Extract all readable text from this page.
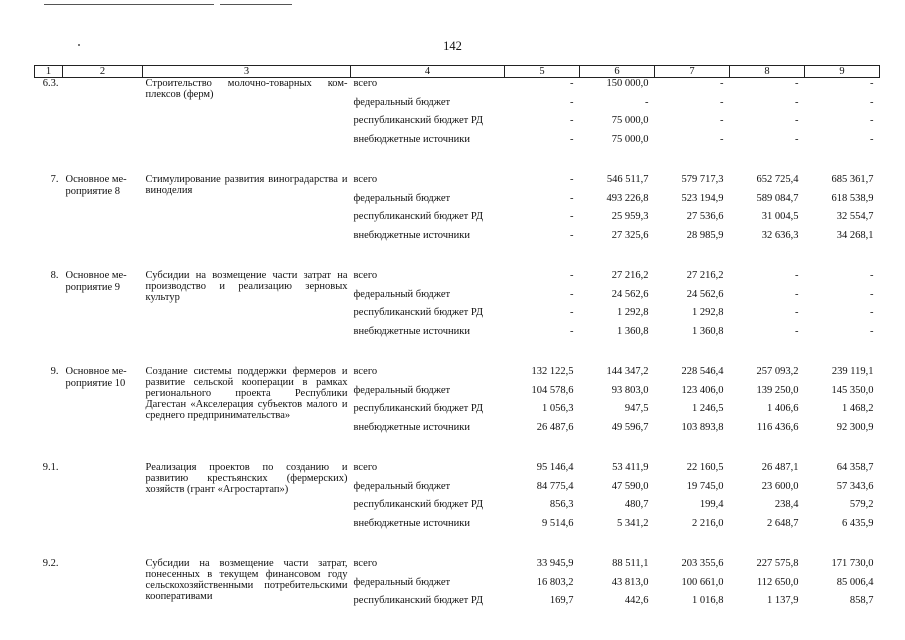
142
1	2	3	4	5	6	7	8	9
6.3.		Строительство молочно-товарных ком-плексов (ферм)	всего	-	150 000,0	-	-	-
			федеральный бюджет	-	-	-	-	-
			республиканский бюджет РД	-	75 000,0	-	-	-
			внебюджетные источники	-	75 000,0	-	-	-

7.	Основное ме-роприятие 8	Стимулирование развития виноградарства и виноделия	всего	-	546 511,7	579 717,3	652 725,4	685 361,7
			федеральный бюджет	-	493 226,8	523 194,9	589 084,7	618 538,9
			республиканский бюджет РД	-	25 959,3	27 536,6	31 004,5	32 554,7
			внебюджетные источники	-	27 325,6	28 985,9	32 636,3	34 268,1

8.	Основное ме-роприятие 9	Субсидии на возмещение части затрат на производство и реализацию зерновых культур	всего	-	27 216,2	27 216,2	-	-
			федеральный бюджет	-	24 562,6	24 562,6	-	-
			республиканский бюджет РД	-	1 292,8	1 292,8	-	-
			внебюджетные источники	-	1 360,8	1 360,8	-	-

9.	Основное ме-роприятие 10	Создание системы поддержки фермеров и развитие сельской кооперации в рамках регионального проекта Республики Дагестан «Акселерация субъектов малого и среднего предпринимательства»	всего	132 122,5	144 347,2	228 546,4	257 093,2	239 119,1
			федеральный бюджет	104 578,6	93 803,0	123 406,0	139 250,0	145 350,0
			республиканский бюджет РД	1 056,3	947,5	1 246,5	1 406,6	1 468,2
			внебюджетные источники	26 487,6	49 596,7	103 893,8	116 436,6	92 300,9

9.1.		Реализация проектов по созданию и развитию крестьянских (фермерских) хозяйств (грант «Агростартап»)	всего	95 146,4	53 411,9	22 160,5	26 487,1	64 358,7
			федеральный бюджет	84 775,4	47 590,0	19 745,0	23 600,0	57 343,6
			республиканский бюджет РД	856,3	480,7	199,4	238,4	579,2
			внебюджетные источники	9 514,6	5 341,2	2 216,0	2 648,7	6 435,9

9.2.		Субсидии на возмещение части затрат, понесенных в текущем финансовом году сельскохозяйственными потребительскими кооперативами	всего	33 945,9	88 511,1	203 355,6	227 575,8	171 730,0
			федеральный бюджет	16 803,2	43 813,0	100 661,0	112 650,0	85 006,4
			республиканский бюджет РД	169,7	442,6	1 016,8	1 137,9	858,7
